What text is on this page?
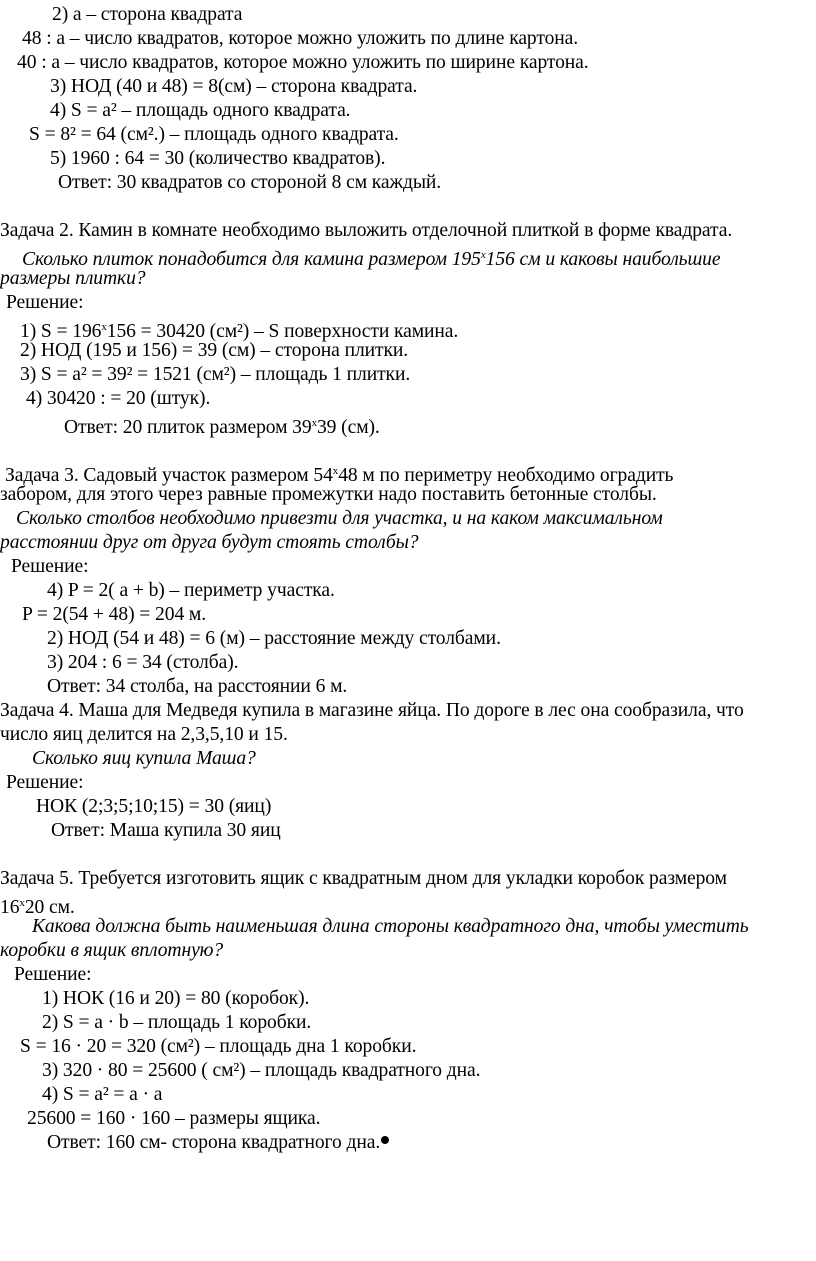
2) а – сторона квадрата
48 : а – число квадратов, которое можно уложить по длине картона.
40 : а – число квадратов, которое можно уложить по ширине картона.
3) НОД (40 и 48) = 8(см) – сторона квадрата.
4) S = a² – площадь одного квадрата.
S = 8² = 64 (см².) – площадь одного квадрата.
5) 1960 : 64 = 30 (количество квадратов).
Ответ: 30 квадратов со стороной 8 см каждый.
Задача 2. Камин в комнате необходимо выложить отделочной плиткой в форме квадрата.
Сколько плиток понадобится для камина размером $195^х156$ см и каковы наибольшие
размеры плитки?
Решение:
1) $S = 196^х156 = 30420$ (см²) – S поверхности камина.
2) НОД (195 и 156) = 39 (см) – сторона плитки.
3) S = a² = 39² = 1521 (см²) – площадь 1 плитки.
4) 30420 : = 20 (штук).
Ответ: 20 плиток размером $39^х39$ (см).
Задача 3. Садовый участок размером $54^х48$ м по периметру необходимо оградить
забором, для этого через равные промежутки надо поставить бетонные столбы.
Сколько столбов необходимо привезти для участка, и на каком максимальном
расстоянии друг от друга будут стоять столбы?
Решение:
4) P = 2( a + b) – периметр участка.
P = 2(54 + 48) = 204 м.
2) НОД (54 и 48) = 6 (м) – расстояние между столбами.
3) 204 : 6 = 34 (столба).
Ответ: 34 столба, на расстоянии 6 м.
Задача 4. Маша для Медведя купила в магазине яйца. По дороге в лес она сообразила, что
число яиц делится на 2,3,5,10 и 15.
Сколько яиц купила Маша?
Решение:
НОК (2;3;5;10;15) = 30 (яиц)
Ответ: Маша купила 30 яиц
Задача 5. Требуется изготовить ящик с квадратным дном для укладки коробок размером
$16^х20$ см.
Какова должна быть наименьшая длина стороны квадратного дна, чтобы уместить
коробки в ящик вплотную?
Решение:
1) НОК (16 и 20) = 80 (коробок).
2) S = a · b – площадь 1 коробки.
S = 16 · 20 = 320 (см²) – площадь дна 1 коробки.
3) 320 · 80 = 25600 ( см²) – площадь квадратного дна.
4) S = a² = a · a
25600 = 160 · 160 – размеры ящика.
Ответ: 160 см- сторона квадратного дна.
